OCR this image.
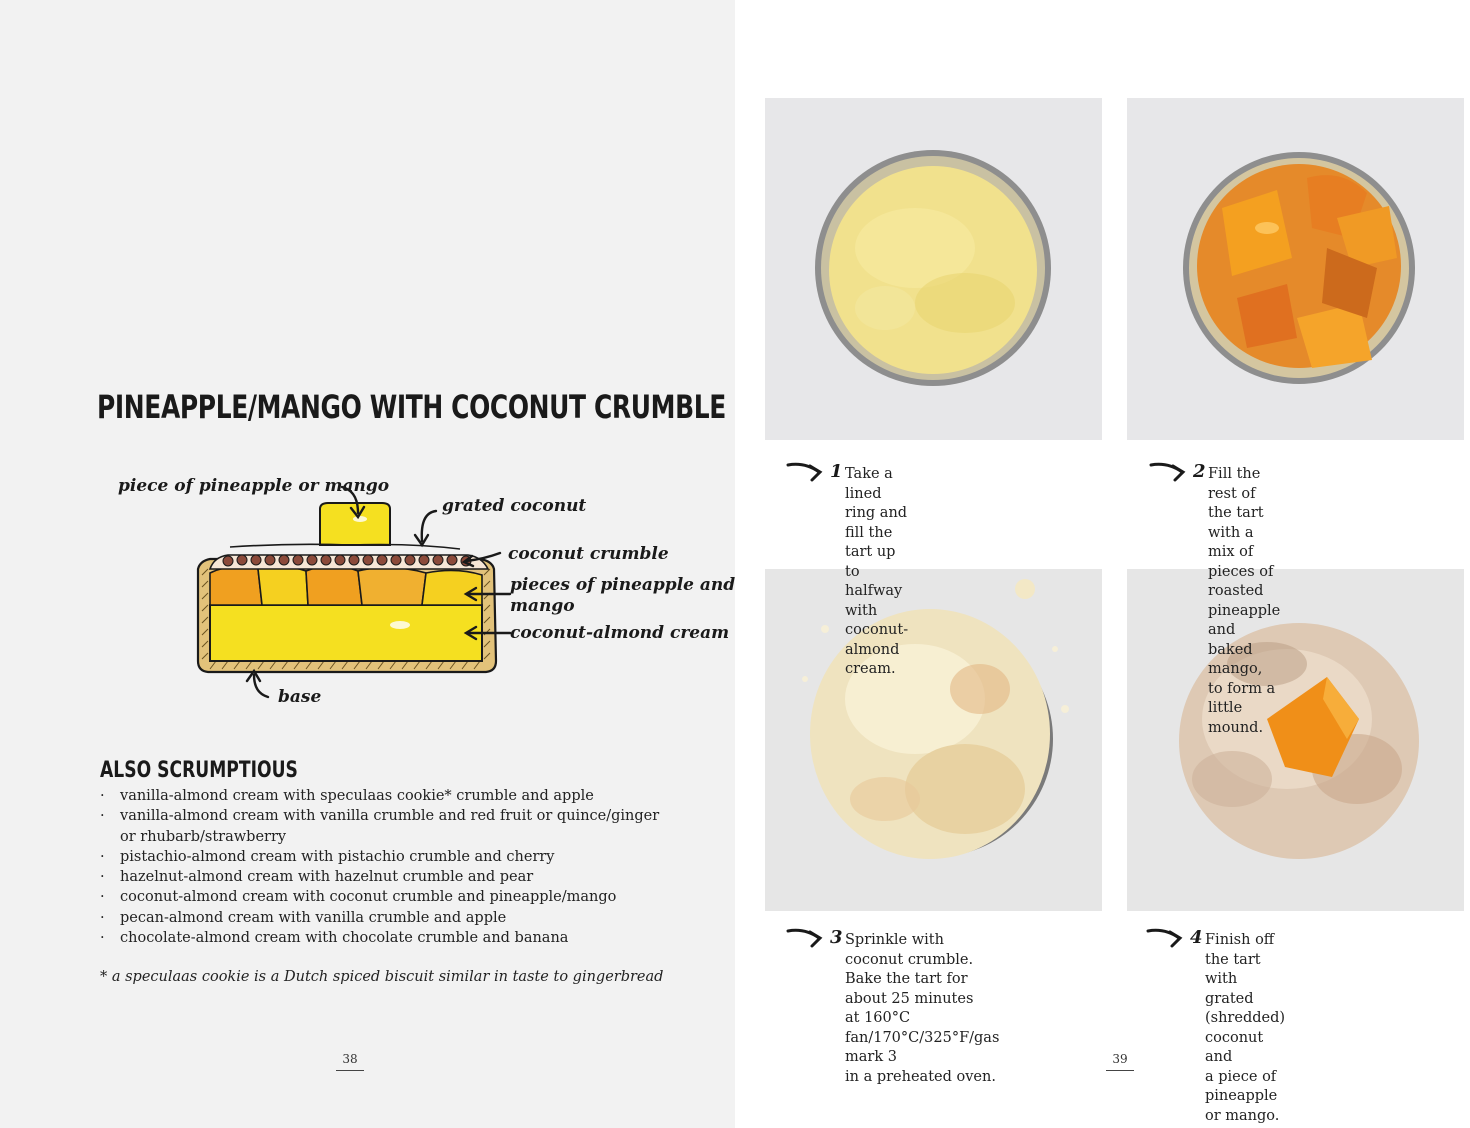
PINEAPPLE/MANGO WITH COCONUT CRUMBLE
piece of pineapple or mango
grated coconut
coconut crumble
pieces of pineapple and
mango
coconut-almond cream
base
ALSO SCRUMPTIOUS
· vanilla-almond cream with speculaas cookie* crumble and apple
· vanilla-almond cream with vanilla crumble and red fruit or quince/ginger or rhubarb/strawberry
· pistachio-almond cream with pistachio crumble and cherry
· hazelnut-almond cream with hazelnut crumble and pear
· coconut-almond cream with coconut crumble and pineapple/mango
· pecan-almond cream with vanilla crumble and apple
· chocolate-almond cream with chocolate crumble and banana

* a speculaas cookie is a Dutch spiced biscuit similar in taste to gingerbread

38
1 Take a lined ring and fill the tart up
to halfway with coconut-almond cream.
2 Fill the rest of the tart with a mix of
pieces of roasted pineapple and baked
mango, to form a little mound.
3 Sprinkle with coconut crumble.
Bake the tart for about 25 minutes
at 160°C fan/170°C/325°F/gas mark 3
in a preheated oven.
4 Finish off the tart with
grated (shredded) coconut and
a piece of pineapple or mango.
39
